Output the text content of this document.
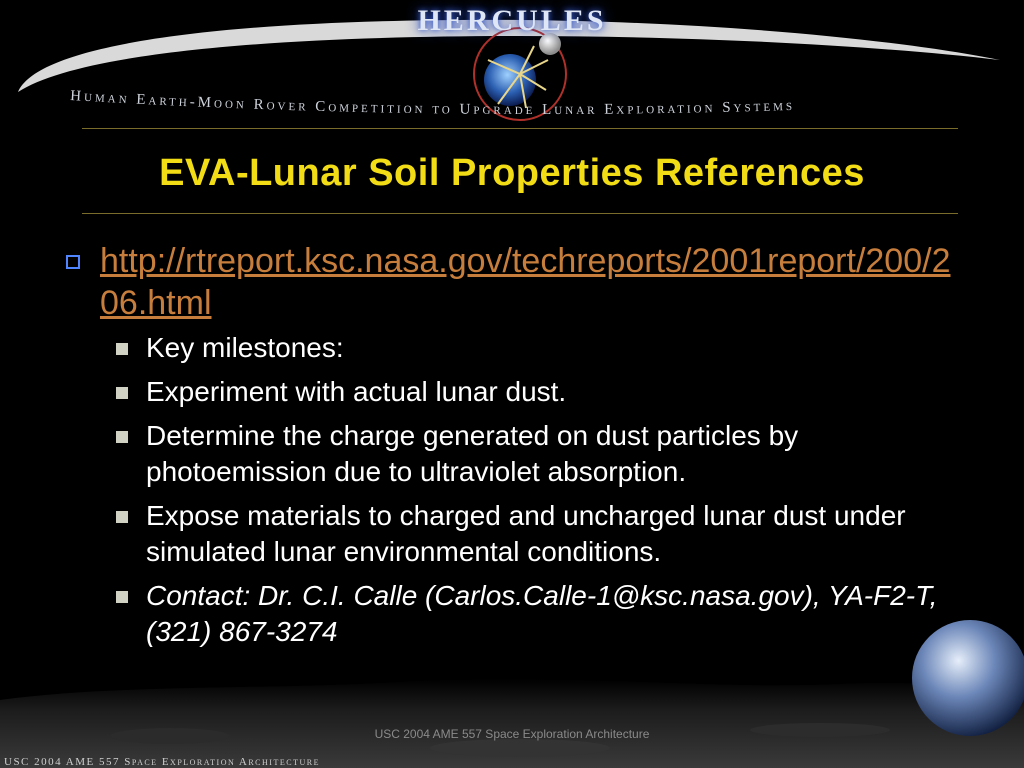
HERCULES
Human Earth-Moon Rover Competition to Upgrade Lunar Exploration Systems
EVA-Lunar Soil Properties References
http://rtreport.ksc.nasa.gov/techreports/2001report/200/206.html
Key milestones:
Experiment with actual lunar dust.
Determine the charge generated on dust particles by photoemission due to ultraviolet absorption.
Expose materials to charged and uncharged lunar dust under simulated lunar environmental conditions.
Contact: Dr. C.I. Calle (Carlos.Calle-1@ksc.nasa.gov), YA-F2-T, (321) 867-3274
USC 2004 AME 557 Space Exploration Architecture
USC 2004 AME 557 Space Exploration Architecture
